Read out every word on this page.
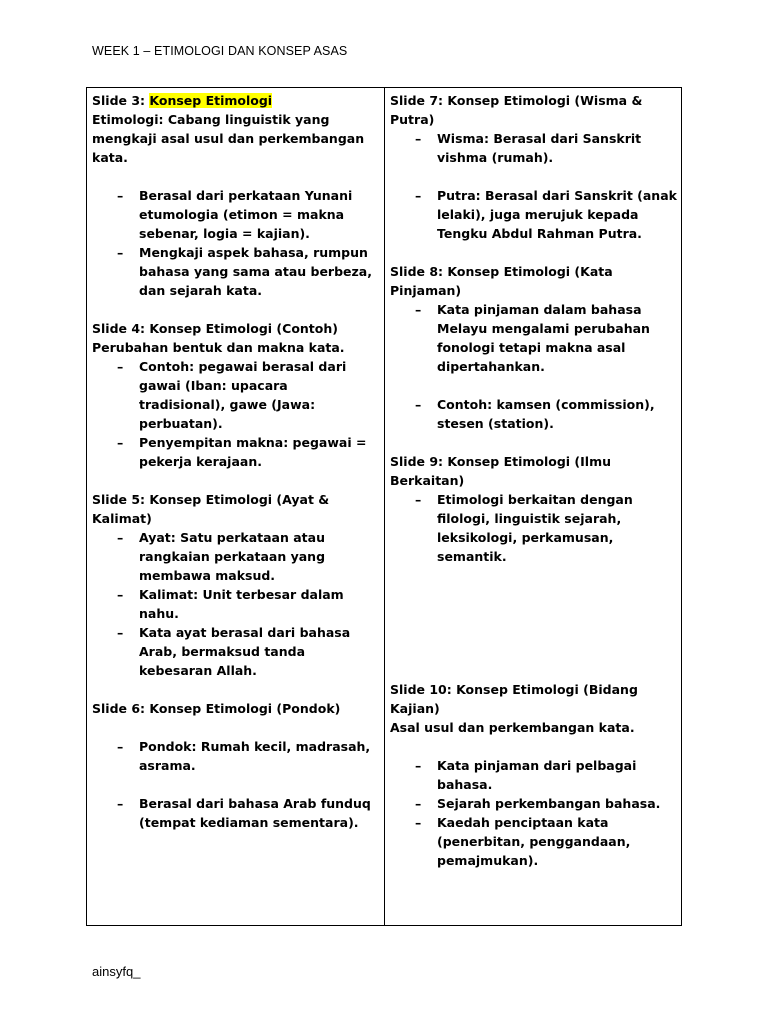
WEEK 1 – ETIMOLOGI DAN KONSEP ASAS

Slide 3: Konsep Etimologi

Etimologi: Cabang linguistik yang mengkaji asal usul dan perkembangan kata.

– Berasal dari perkataan Yunani etumologia (etimon = makna sebenar, logia = kajian).
– Mengkaji aspek bahasa, rumpun bahasa yang sama atau berbeza, dan sejarah kata.

Slide 4: Konsep Etimologi (Contoh)

Perubahan bentuk dan makna kata.

– Contoh: pegawai berasal dari gawai (Iban: upacara tradisional), gawe (Jawa: perbuatan).
– Penyempitan makna: pegawai = pekerja kerajaan.

Slide 5: Konsep Etimologi (Ayat & Kalimat)

– Ayat: Satu perkataan atau rangkaian perkataan yang membawa maksud.
– Kalimat: Unit terbesar dalam nahu.
– Kata ayat berasal dari bahasa Arab, bermaksud tanda kebesaran Allah.

Slide 6: Konsep Etimologi (Pondok)

– Pondok: Rumah kecil, madrasah, asrama.
– Berasal dari bahasa Arab funduq (tempat kediaman sementara).

Slide 7: Konsep Etimologi (Wisma & Putra)

– Wisma: Berasal dari Sanskrit vishma (rumah).
– Putra: Berasal dari Sanskrit (anak lelaki), juga merujuk kepada Tengku Abdul Rahman Putra.

Slide 8: Konsep Etimologi (Kata Pinjaman)

– Kata pinjaman dalam bahasa Melayu mengalami perubahan fonologi tetapi makna asal dipertahankan.
– Contoh: kamsen (commission), stesen (station).

Slide 9: Konsep Etimologi (Ilmu Berkaitan)

– Etimologi berkaitan dengan filologi, linguistik sejarah, leksikologi, perkamusan, semantik.

Slide 10: Konsep Etimologi (Bidang Kajian)

Asal usul dan perkembangan kata.

– Kata pinjaman dari pelbagai bahasa.
– Sejarah perkembangan bahasa.
– Kaedah penciptaan kata (penerbitan, penggandaan, pemajmukan).
ainsyfq_
